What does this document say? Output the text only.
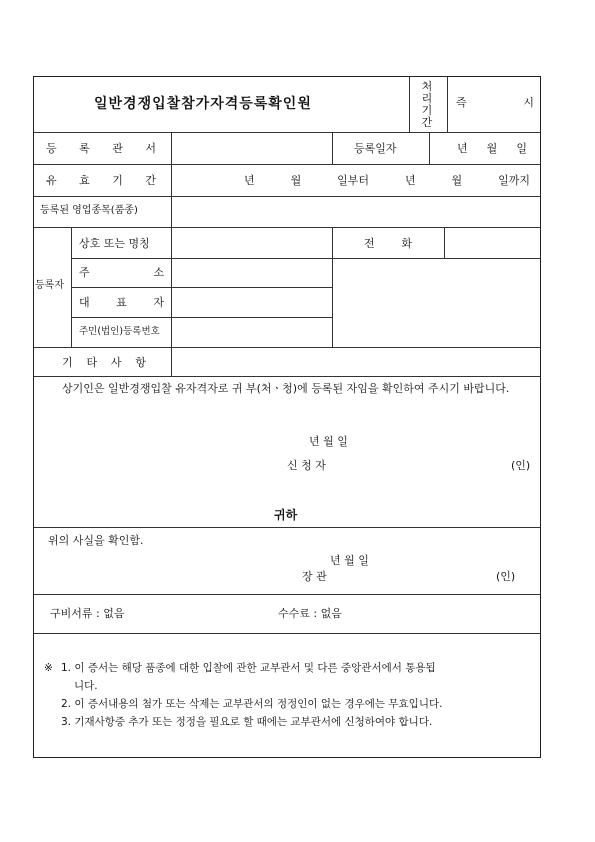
일반경쟁입찰참가자격등록확인원
처리기간
즉 시
등 록 관 서	등록일자	년 월 일
유 효 기 간	년 월 일부터 년 월 일까지
등록된 영업종목(품종)
등록자
상호 또는 명칭	전 화
주 소
대 표 자
주민(법인)등록번호
기 타 사 항
상기인은 일반경쟁입찰 유자격자로 귀 부(처ㆍ청)에 등록된 자임을 확인하여 주시기 바랍니다.
년 월 일
신 청 자	(인)
귀하
위의 사실을 확인함.
년 월 일
장 관	(인)
구비서류 : 없음	수수료 : 없음
※ 1. 이 증서는 해당 품종에 대한 입찰에 관한 교부관서 및 다른 중앙관서에서 통용됩
니다.
2. 이 증서내용의 첨가 또는 삭제는 교부관서의 정정인이 없는 경우에는 무효입니다.
3. 기재사항중 추가 또는 정정을 필요로 할 때에는 교부관서에 신청하여야 합니다.
